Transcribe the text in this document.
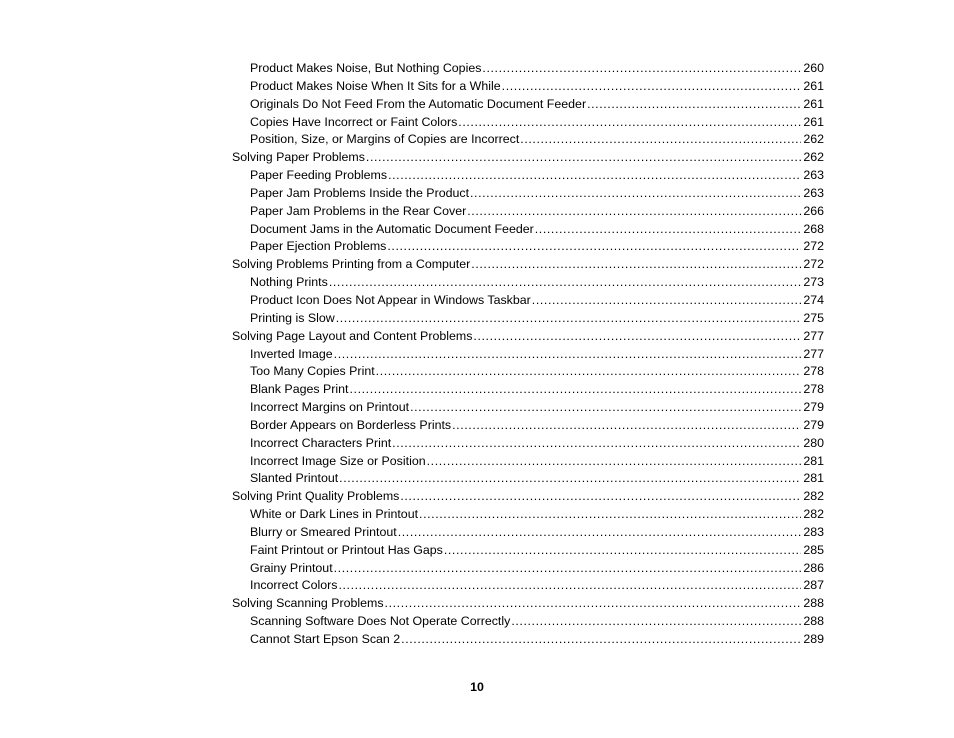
Product Makes Noise, But Nothing Copies .....	260
Product Makes Noise When It Sits for a While .....	261
Originals Do Not Feed From the Automatic Document Feeder .....	261
Copies Have Incorrect or Faint Colors .....	261
Position, Size, or Margins of Copies are Incorrect .....	262
Solving Paper Problems .....	262
Paper Feeding Problems .....	263
Paper Jam Problems Inside the Product .....	263
Paper Jam Problems in the Rear Cover .....	266
Document Jams in the Automatic Document Feeder .....	268
Paper Ejection Problems .....	272
Solving Problems Printing from a Computer .....	272
Nothing Prints .....	273
Product Icon Does Not Appear in Windows Taskbar .....	274
Printing is Slow .....	275
Solving Page Layout and Content Problems .....	277
Inverted Image .....	277
Too Many Copies Print .....	278
Blank Pages Print .....	278
Incorrect Margins on Printout .....	279
Border Appears on Borderless Prints .....	279
Incorrect Characters Print .....	280
Incorrect Image Size or Position .....	281
Slanted Printout .....	281
Solving Print Quality Problems .....	282
White or Dark Lines in Printout .....	282
Blurry or Smeared Printout .....	283
Faint Printout or Printout Has Gaps .....	285
Grainy Printout .....	286
Incorrect Colors .....	287
Solving Scanning Problems .....	288
Scanning Software Does Not Operate Correctly .....	288
Cannot Start Epson Scan 2 .....	289
10
